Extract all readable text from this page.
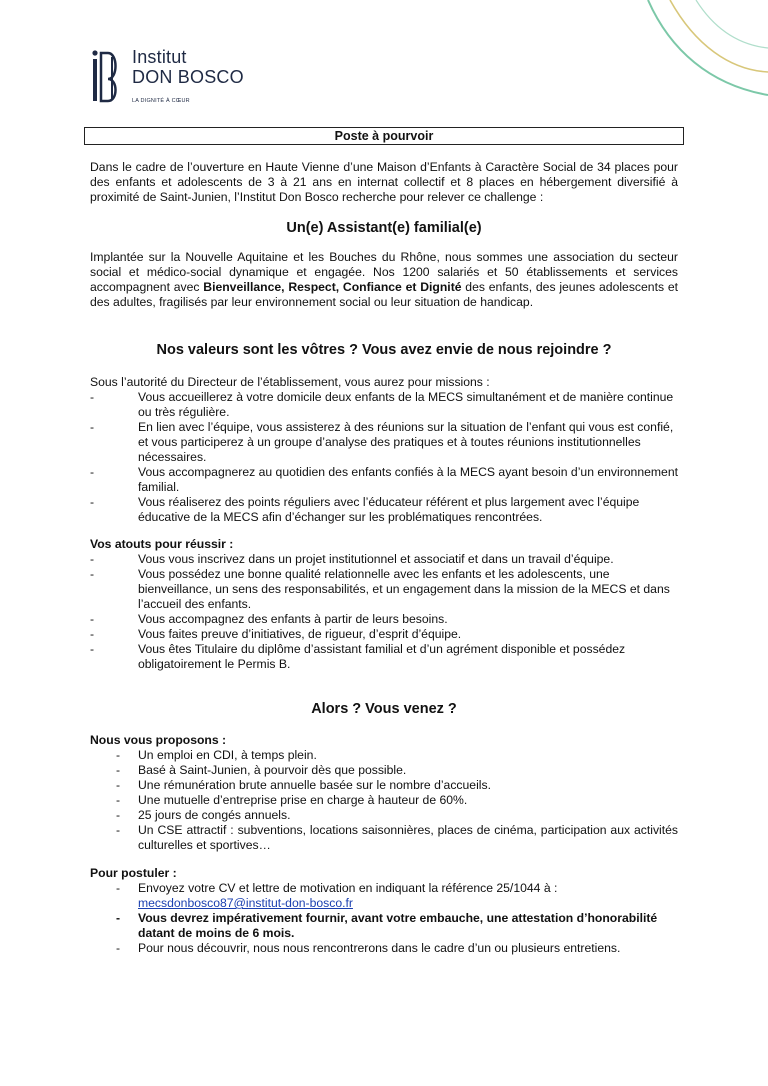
Institut
DON BOSCO
LA DIGNITÉ À CŒUR
Poste à pourvoir
Dans le cadre de l’ouverture en Haute Vienne d’une Maison d’Enfants à Caractère Social de 34 places pour des enfants et adolescents de 3 à 21 ans en internat collectif et 8 places en hébergement diversifié à proximité de Saint-Junien, l’Institut Don Bosco recherche pour relever ce challenge :
Un(e) Assistant(e) familial(e)
Implantée sur la Nouvelle Aquitaine et les Bouches du Rhône, nous sommes une association du secteur social et médico-social dynamique et engagée. Nos 1200 salariés et 50 établissements et services accompagnent avec Bienveillance, Respect, Confiance et Dignité des enfants, des jeunes adolescents et des adultes, fragilisés par leur environnement social ou leur situation de handicap.
Nos valeurs sont les vôtres ? Vous avez envie de nous rejoindre ?
Sous l’autorité du Directeur de l’établissement, vous aurez pour missions :
-	Vous accueillerez à votre domicile deux enfants de la MECS simultanément et de manière continue ou très régulière.
-	En lien avec l’équipe, vous assisterez à des réunions sur la situation de l’enfant qui vous est confié, et vous participerez à un groupe d’analyse des pratiques et à toutes réunions institutionnelles nécessaires.
-	Vous accompagnerez au quotidien des enfants confiés à la MECS ayant besoin d’un environnement familial.
-	Vous réaliserez des points réguliers avec l’éducateur référent et plus largement avec l’équipe éducative de la MECS afin d’échanger sur les problématiques rencontrées.
Vos atouts pour réussir :
-	Vous vous inscrivez dans un projet institutionnel et associatif et dans un travail d’équipe.
-	Vous possédez une bonne qualité relationnelle avec les enfants et les adolescents, une bienveillance, un sens des responsabilités, et un engagement dans la mission de la MECS et dans l’accueil des enfants.
-	Vous accompagnez des enfants à partir de leurs besoins.
-	Vous faites preuve d’initiatives, de rigueur, d’esprit d’équipe.
-	Vous êtes Titulaire du diplôme d’assistant familial et d’un agrément disponible et possédez obligatoirement le Permis B.
Alors ? Vous venez ?
Nous vous proposons :
- Un emploi en CDI, à temps plein.
- Basé à Saint-Junien, à pourvoir dès que possible.
- Une rémunération brute annuelle basée sur le nombre d’accueils.
- Une mutuelle d’entreprise prise en charge à hauteur de 60%.
- 25 jours de congés annuels.
- Un CSE attractif : subventions, locations saisonnières, places de cinéma, participation aux activités culturelles et sportives…
Pour postuler :
- Envoyez votre CV et lettre de motivation en indiquant la référence 25/1044 à :
mecsdonbosco87@institut-don-bosco.fr
- Vous devrez impérativement fournir, avant votre embauche, une attestation d’honorabilité datant de moins de 6 mois.
- Pour nous découvrir, nous nous rencontrerons dans le cadre d’un ou plusieurs entretiens.
